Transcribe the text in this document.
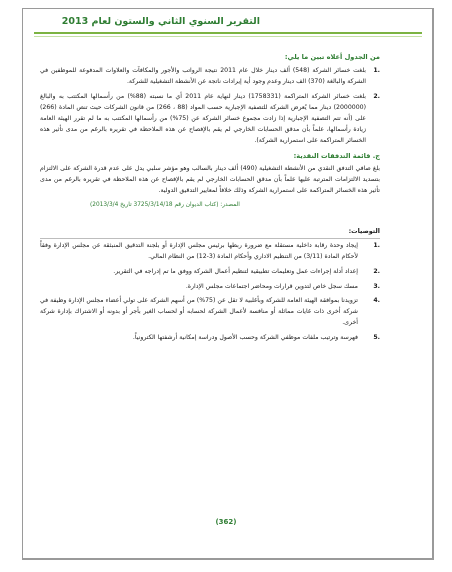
التقرير السنوي الثاني والستون لعام 2013
من الجدول أعلاه تبين ما يلي:
.1
بلغت خسائر الشركة (548) ألف دينار خلال عام 2011 نتيجة الرواتب والأجور والمكافآت والعلاوات المدفوعة للموظفين في الشركة والبالغة (370) الف دينار وعدم وجود أية إيرادات ناتجة عن الأنشطة التشغيلية للشركة.
.2
بلغت خسائر الشركة المتراكمة (1758331) دينار لنهاية عام 2011 أي ما نسبته (88%) من رأسمالها المكتتب به والبالغ (2000000) دينار مما يُعرض الشركة للتصفية الإجبارية حسب المواد (88 ، 266) من قانون الشركات حيث تنص المادة (266) على (أنه تتم التصفية الإجبارية إذا زادت مجموع خسائر الشركة عن (75%) من رأسمالها المكتتب به ما لم تقرر الهيئة العامة زيادة رأسمالها، علماً بأن مدقق الحسابات الخارجي لم يقم بالإفصاح عن هذه الملاحظة في تقريره بالرغم من مدى تأثير هذه الخسائر المتراكمة على استمرارية الشركة).
ج. قائمة التدفقات النقدية:
بلغ صافي التدفق النقدي من الأنشطة التشغيلية (490) ألف دينار بالسالب وهو مؤشر سلبي يدل على عدم قدرة الشركة على الالتزام بتسديد الالتزامات المترتبة عليها علماً بأن مدقق الحسابات الخارجي لم يقم بالإفصاح عن هذه الملاحظة في تقريره بالرغم من مدى تأثير هذه الخسائر المتراكمة على استمرارية الشركة وذلك خلافاً لمعايير التدقيق الدولية.
المصدر: (كتاب الديوان رقم 3725/3/14/18 تاريخ 2013/3/4)
التوصيات:
.1
إيجاد وحدة رقابة داخلية مستقلة مع ضرورة ربطها برئيس مجلس الإدارة أو بلجنة التدقيق المنبثقة عن مجلس الإدارة وفقاً لأحكام المادة (3/11) من التنظيم الاداري وأحكام المادة (3-12) من النظام المالي.
.2
إعداد أدلة إجراءات عمل وتعليمات تطبيقية لتنظيم أعمال الشركة ووفق ما تم إدراجه في التقرير.
.3
مسك سجل خاص لتدوين قرارات ومحاضر اجتماعات مجلس الإدارة.
.4
تزويدنا بموافقة الهيئة العامة للشركة وبأغلبية لا تقل عن (75%) من أسهم الشركة على تولي أعضاء مجلس الإدارة وظيفة في شركة أخرى ذات غايات مماثلة أو منافسة لأعمال الشركة لحسابه أو لحساب الغير بأجر أو بدونه أو الاشتراك بإدارة شركة أخرى.
.5
فهرسة وترتيب ملفات موظفي الشركة وحسب الأصول ودراسة إمكانية أرشفتها الكترونياً.
(362)
